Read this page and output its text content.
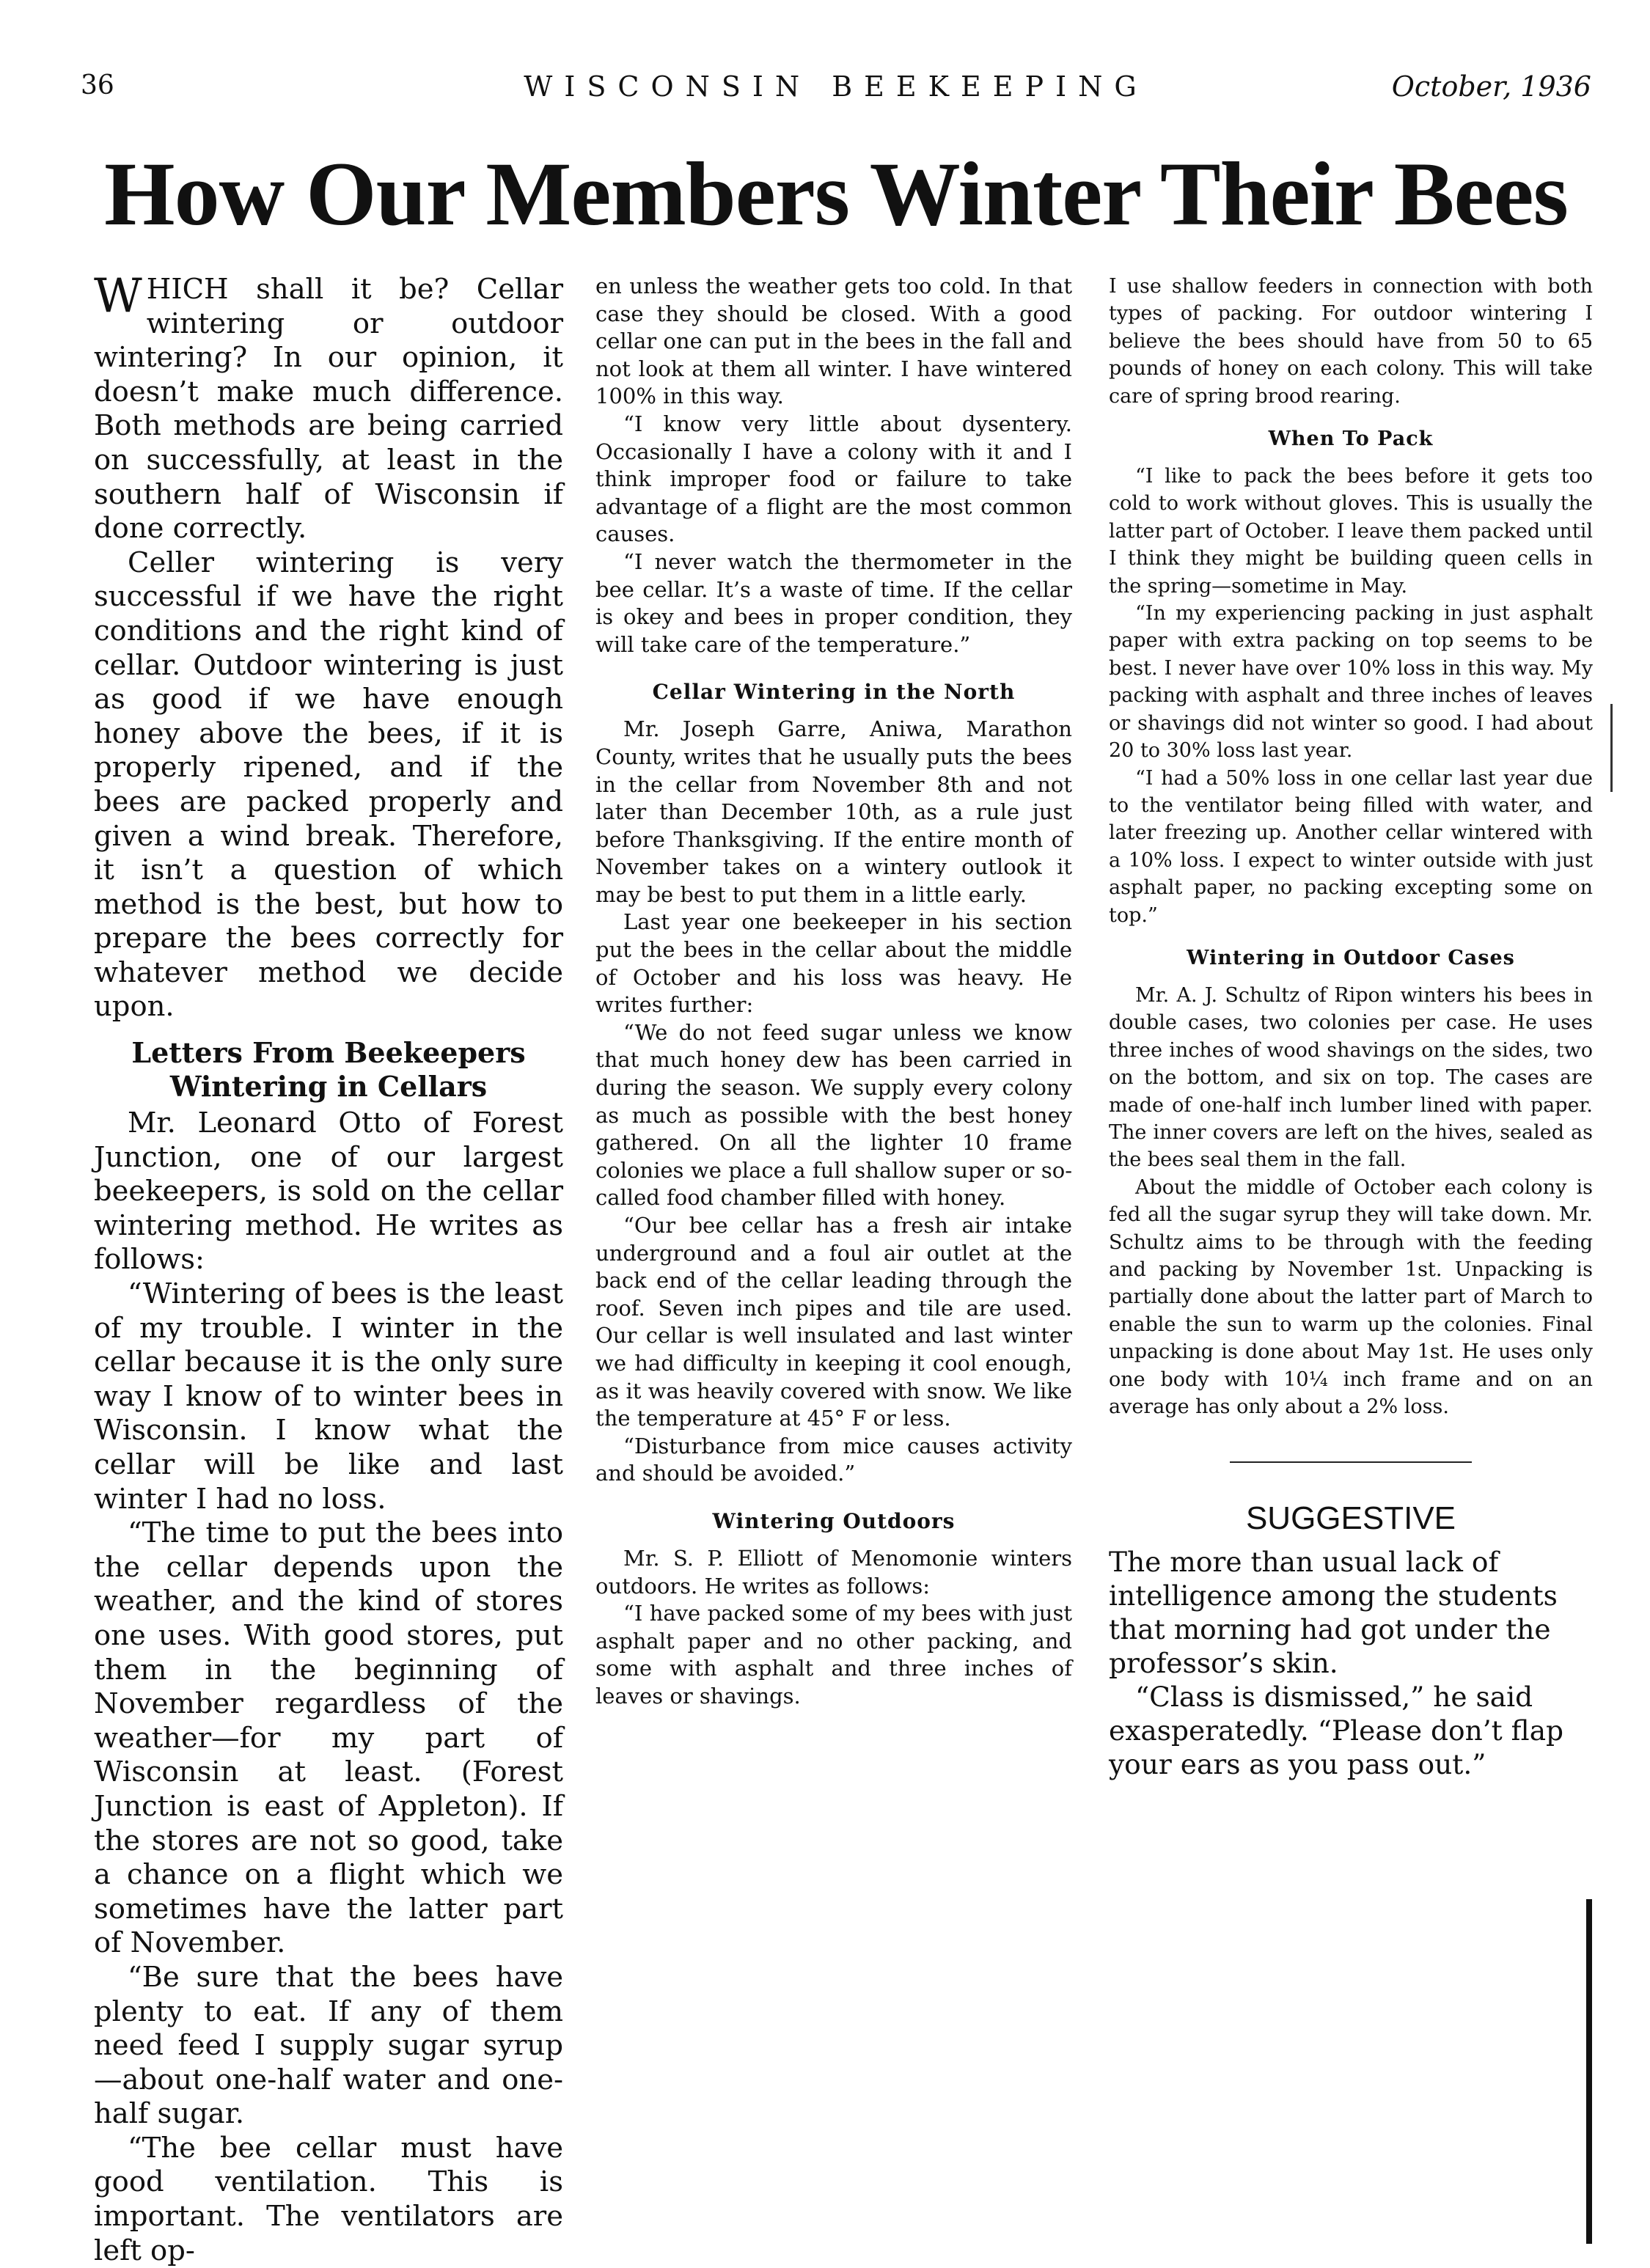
36	WISCONSIN BEEKEEPING	October, 1936
How Our Members Winter Their Bees

WHICH shall it be? Cellar wintering or outdoor wintering? In our opinion, it doesn’t make much difference. Both methods are being carried on successfully, at least in the southern half of Wisconsin if done correctly.

Celler wintering is very successful if we have the right conditions and the right kind of cellar. Outdoor wintering is just as good if we have enough honey above the bees, if it is properly ripened, and if the bees are packed properly and given a wind break. Therefore, it isn’t a question of which method is the best, but how to prepare the bees correctly for whatever method we decide upon.

Letters From Beekeepers Wintering in Cellars

Mr. Leonard Otto of Forest Junction, one of our largest beekeepers, is sold on the cellar wintering method. He writes as follows:

“Wintering of bees is the least of my trouble. I winter in the cellar because it is the only sure way I know of to winter bees in Wisconsin. I know what the cellar will be like and last winter I had no loss.

“The time to put the bees into the cellar depends upon the weather, and the kind of stores one uses. With good stores, put them in the beginning of November regardless of the weather—for my part of Wisconsin at least. (Forest Junction is east of Appleton). If the stores are not so good, take a chance on a flight which we sometimes have the latter part of November.

“Be sure that the bees have plenty to eat. If any of them need feed I supply sugar syrup —about one-half water and one-half sugar.

“The bee cellar must have good ventilation. This is important. The ventilators are left op-

en unless the weather gets too cold. In that case they should be closed. With a good cellar one can put in the bees in the fall and not look at them all winter. I have wintered 100% in this way.

“I know very little about dysentery. Occasionally I have a colony with it and I think improper food or failure to take advantage of a flight are the most common causes.

“I never watch the thermometer in the bee cellar. It’s a waste of time. If the cellar is okey and bees in proper condition, they will take care of the temperature.”

Cellar Wintering in the North

Mr. Joseph Garre, Aniwa, Marathon County, writes that he usually puts the bees in the cellar from November 8th and not later than December 10th, as a rule just before Thanksgiving. If the entire month of November takes on a wintery outlook it may be best to put them in a little early.

Last year one beekeeper in his section put the bees in the cellar about the middle of October and his loss was heavy. He writes further:

“We do not feed sugar unless we know that much honey dew has been carried in during the season. We supply every colony as much as possible with the best honey gathered. On all the lighter 10 frame colonies we place a full shallow super or so-called food chamber filled with honey.

“Our bee cellar has a fresh air intake underground and a foul air outlet at the back end of the cellar leading through the roof. Seven inch pipes and tile are used. Our cellar is well insulated and last winter we had difficulty in keeping it cool enough, as it was heavily covered with snow. We like the temperature at 45° F or less.

“Disturbance from mice causes activity and should be avoided.”

Wintering Outdoors

Mr. S. P. Elliott of Menomonie winters outdoors. He writes as follows:

“I have packed some of my bees with just asphalt paper and no other packing, and some with asphalt and three inches of leaves or shavings.

I use shallow feeders in connection with both types of packing. For outdoor wintering I believe the bees should have from 50 to 65 pounds of honey on each colony. This will take care of spring brood rearing.

When To Pack

“I like to pack the bees before it gets too cold to work without gloves. This is usually the latter part of October. I leave them packed until I think they might be building queen cells in the spring—sometime in May.

“In my experiencing packing in just asphalt paper with extra packing on top seems to be best. I never have over 10% loss in this way. My packing with asphalt and three inches of leaves or shavings did not winter so good. I had about 20 to 30% loss last year.

“I had a 50% loss in one cellar last year due to the ventilator being filled with water, and later freezing up. Another cellar wintered with a 10% loss. I expect to winter outside with just asphalt paper, no packing excepting some on top.”

Wintering in Outdoor Cases

Mr. A. J. Schultz of Ripon winters his bees in double cases, two colonies per case. He uses three inches of wood shavings on the sides, two on the bottom, and six on top. The cases are made of one-half inch lumber lined with paper. The inner covers are left on the hives, sealed as the bees seal them in the fall.

About the middle of October each colony is fed all the sugar syrup they will take down. Mr. Schultz aims to be through with the feeding and packing by November 1st. Unpacking is partially done about the latter part of March to enable the sun to warm up the colonies. Final unpacking is done about May 1st. He uses only one body with 10¼ inch frame and on an average has only about a 2% loss.

SUGGESTIVE

The more than usual lack of intelligence among the students that morning had got under the professor’s skin.

“Class is dismissed,” he said exasperatedly. “Please don’t flap your ears as you pass out.”
